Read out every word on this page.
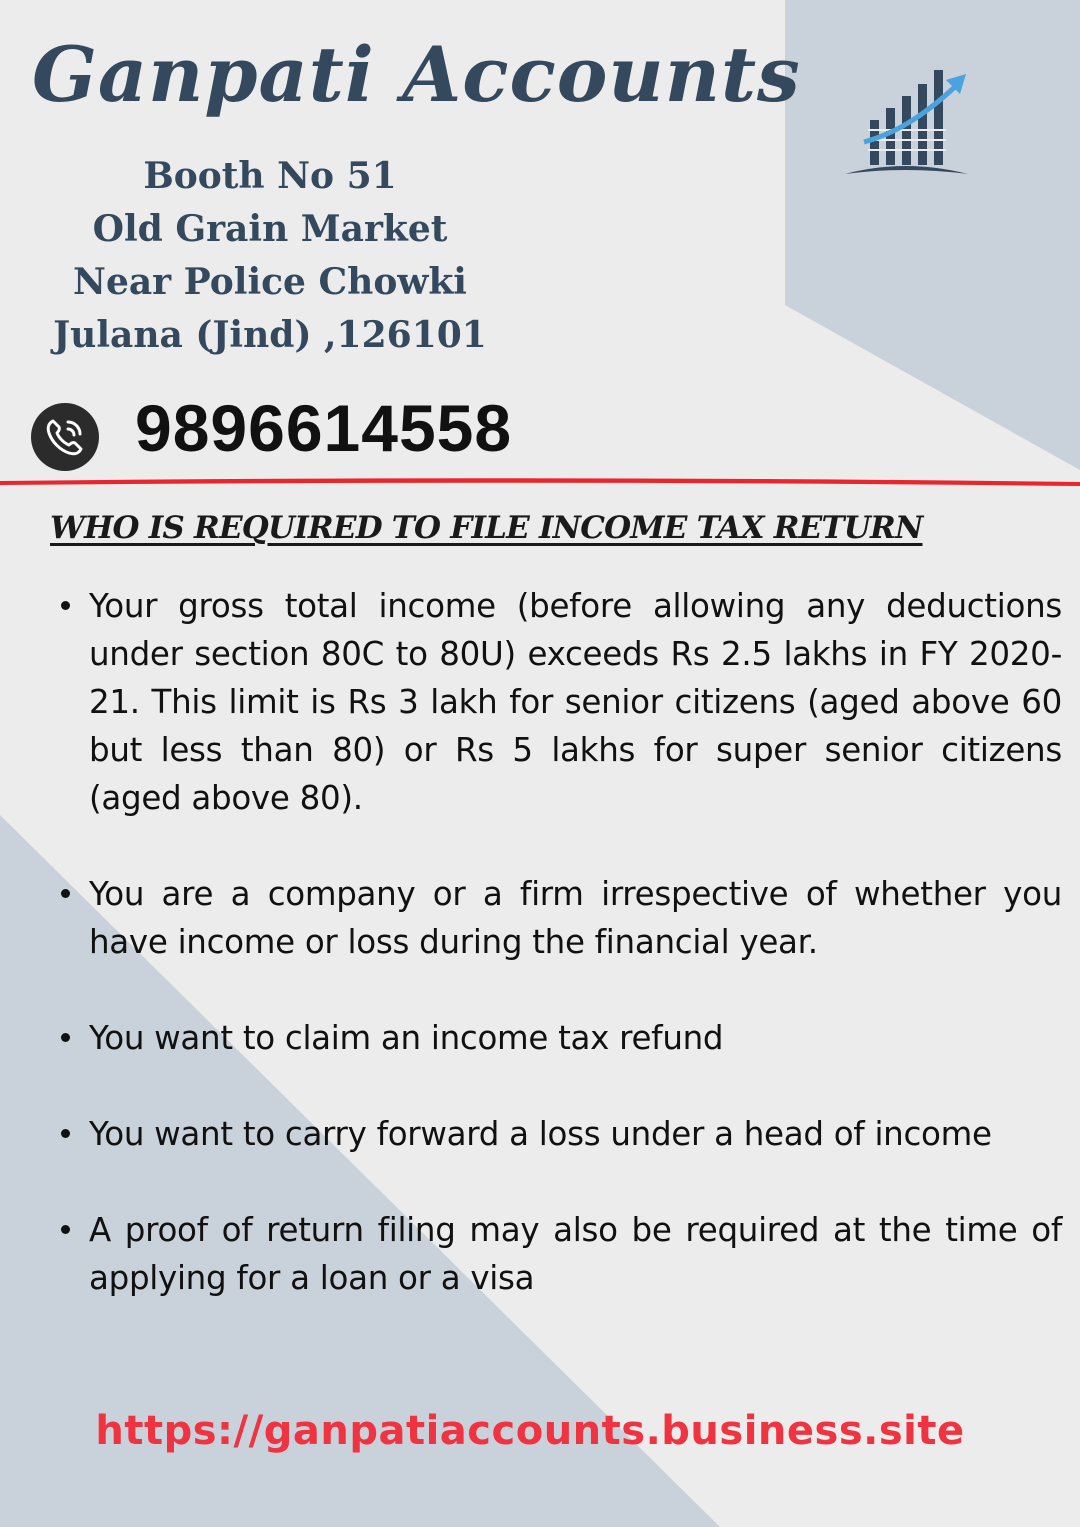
Ganpati Accounts
Booth No 51
Old Grain Market
Near Police Chowki
Julana (Jind) ,126101
9896614558
WHO IS REQUIRED TO FILE INCOME TAX RETURN
Your gross total income (before allowing any deductions under section 80C to 80U) exceeds Rs 2.5 lakhs in FY 2020-21. This limit is Rs 3 lakh for senior citizens (aged above 60 but less than 80) or Rs 5 lakhs for super senior citizens (aged above 80).
You are a company or a firm irrespective of whether you have income or loss during the financial year.
You want to claim an income tax refund
You want to carry forward a loss under a head of income
A proof of return filing may also be required at the time of applying for a loan or a visa
https://ganpatiaccounts.business.site
